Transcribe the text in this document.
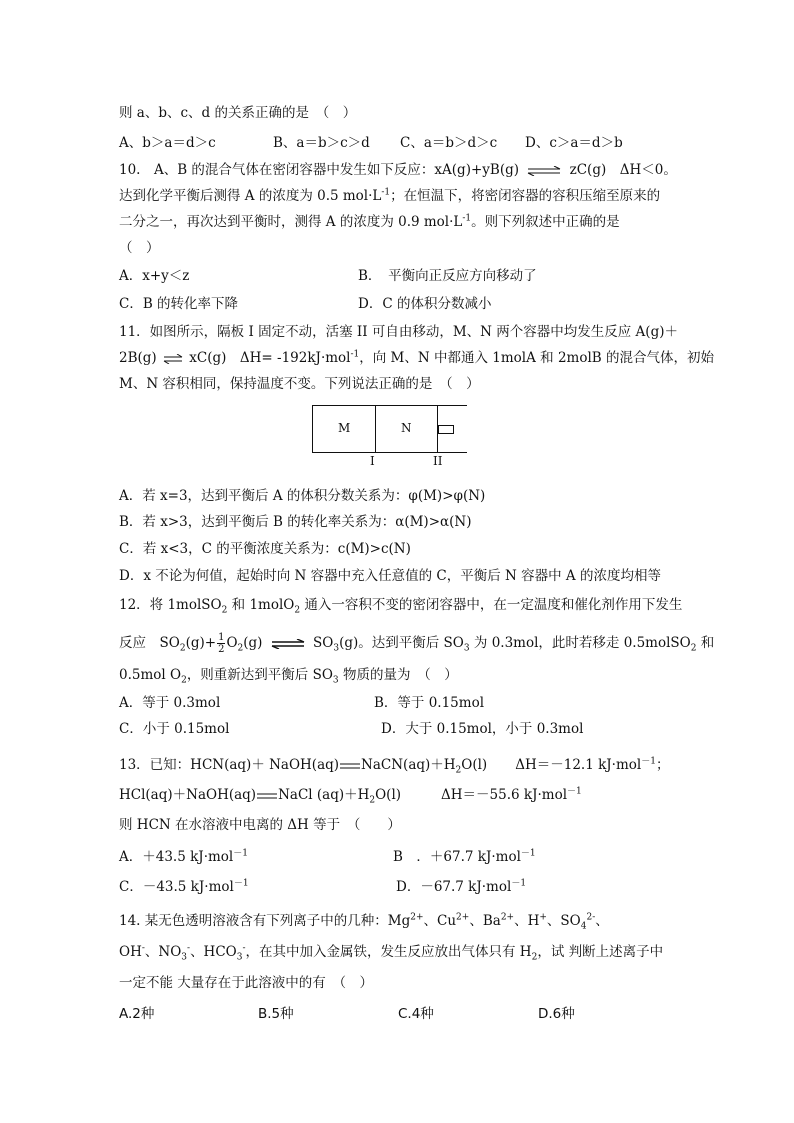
则 a、b、c、d 的关系正确的是　（　）
A、b＞a＝d＞c	B、a＝b＞c＞d C、a＝b＞d＞c D、c＞a＝d＞b
10.　A、B 的混合气体在密闭容器中发生如下反应：xA(g)+yB(g) ⇌ zC(g)　ΔH＜0。
达到化学平衡后测得 A 的浓度为 0.5 $mol\cdot L^{-1}$；在恒温下，将密闭容器的容积压缩至原来的
二分之一，再次达到平衡时，测得 A 的浓度为 0.9 $mol\cdot L^{-1}$。则下列叙述中正确的是
（　）
A．x+y＜z	B．　平衡向正反应方向移动了
C．B 的转化率下降	D．C 的体积分数减小
11．如图所示，隔板 I 固定不动，活塞 II 可自由移动，M、N 两个容器中均发生反应 A(g)＋
2B(g) ⇌ xC(g)　ΔH= -192kJ·mol$^{-1}$，向 M、N 中都通入 1molA 和 2molB 的混合气体，初始
M、N 容积相同，保持温度不变。下列说法正确的是　（　）
M	N
I	II
A．若 x=3，达到平衡后 A 的体积分数关系为：φ(M)>φ(N)
B．若 x>3，达到平衡后 B 的转化率关系为：α(M)>α(N)
C．若 x<3，C 的平衡浓度关系为：c(M)>c(N)
D．x 不论为何值，起始时向 N 容器中充入任意值的 C，平衡后 N 容器中 A 的浓度均相等
12．将 1molSO$_2$ 和 1molO$_2$ 通入一容积不变的密闭容器中，在一定温度和催化剂作用下发生
反应　$SO_2(g)+ \frac{1}{2} O_2(g)$ ⇌ $SO_3(g)$。达到平衡后 $SO_3$ 为 0.3mol，此时若移走 0.5molSO$_2$ 和
0.5mol $O_2$，则重新达到平衡后 $SO_3$ 物质的量为　（　）
A．等于 0.3mol	B．等于 0.15mol
C．小于 0.15mol	D．大于 0.15mol，小于 0.3mol
13．已知：HCN(aq)＋ NaOH(aq) $NaCN(aq)+H_2O(l)$ ΔH＝－12.1 kJ·mol$^{-1}$；
HCl(aq)＋NaOH(aq) NaCl $(aq)+H_2O(l)$	ΔH＝－55.6 kJ·mol$^{-1}$
则 HCN 在水溶液中电离的 ΔH 等于　（　　）
A．＋43.5 kJ·mol$^{-1}$	B　．＋67.7 kJ·mol$^{-1}$
C．－43.5 kJ·mol$^{-1}$	D．－67.7 kJ·mol$^{-1}$
14. 某无色透明溶液含有下列离子中的几种：$Mg^{2+}$、$Cu^{2+}$、$Ba^{2+}$、H+、$SO_4^{2-}$、
OH-、$NO_3^-$、$HCO_3^-$，在其中加入金属铁，发生反应放出气体只有 $H_2$，试 判断上述离子中
一定不能 大量存在于此溶液中的有　（　）
A.2种	B.5种	C.4种	D.6种
